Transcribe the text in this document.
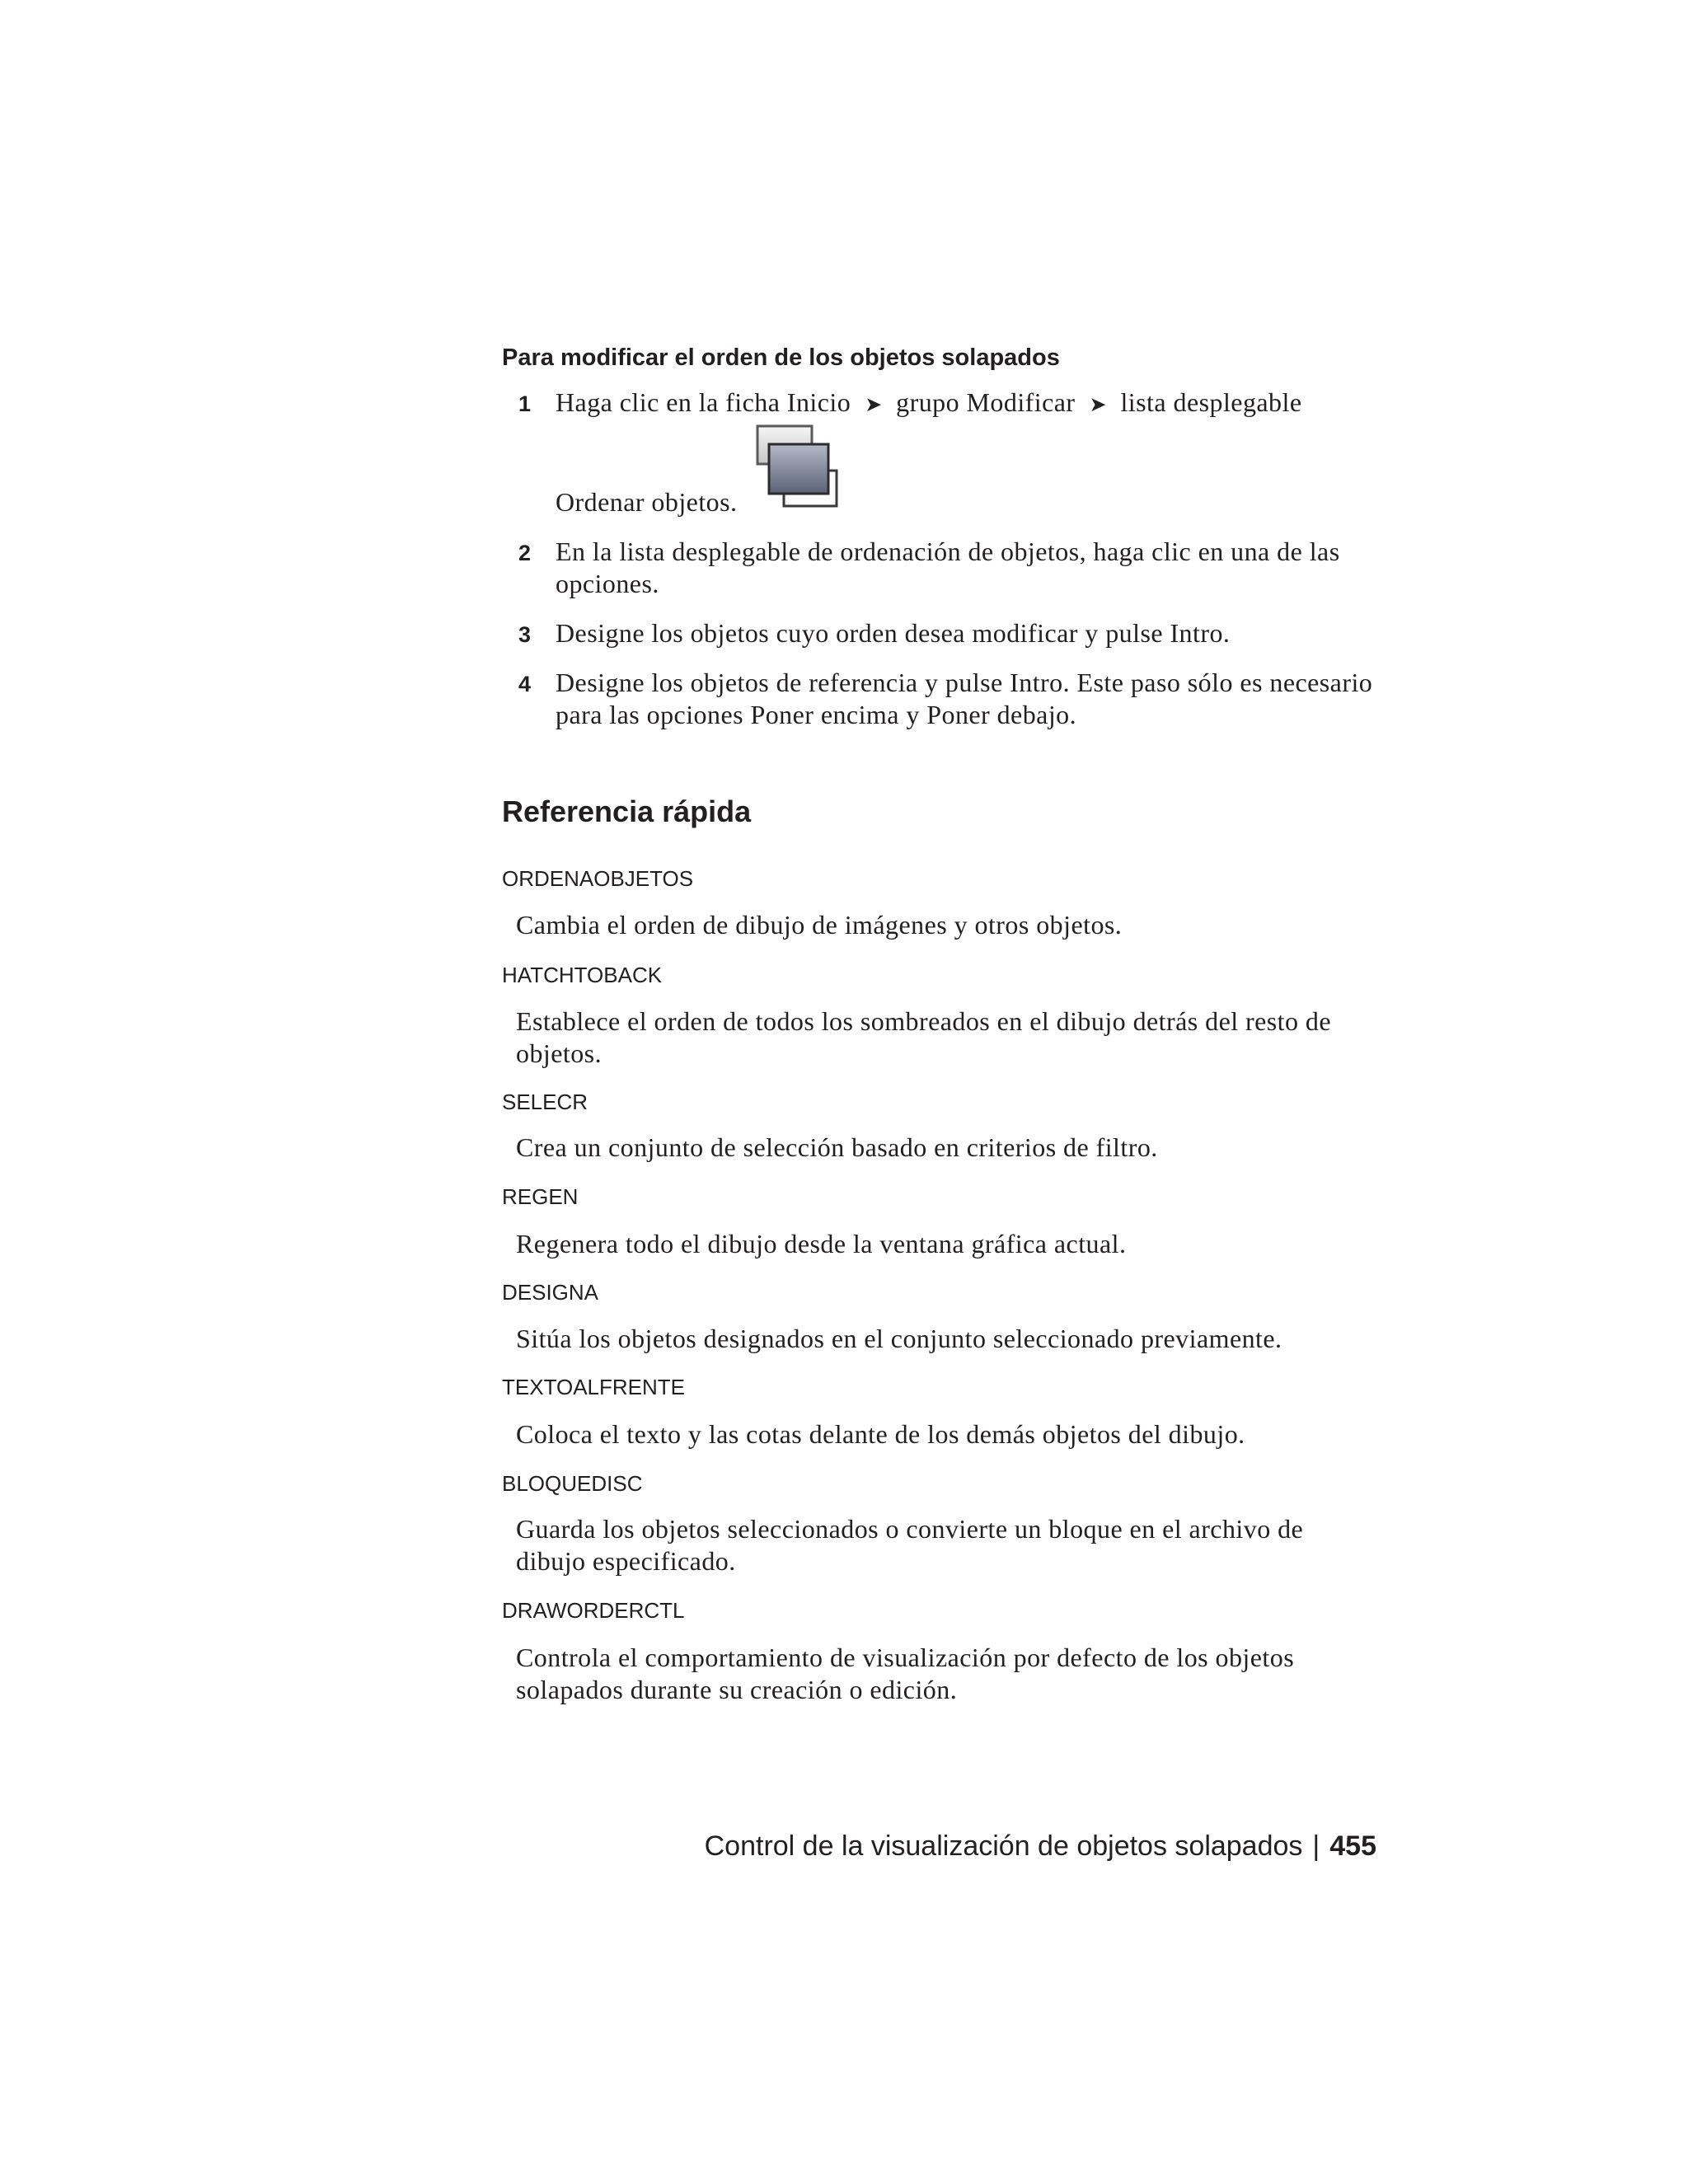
Para modificar el orden de los objetos solapados
1 Haga clic en la ficha Inicio ➤ grupo Modificar ➤ lista desplegable
Ordenar objetos.
2 En la lista desplegable de ordenación de objetos, haga clic en una de las
opciones.
3 Designe los objetos cuyo orden desea modificar y pulse Intro.
4 Designe los objetos de referencia y pulse Intro. Este paso sólo es necesario
para las opciones Poner encima y Poner debajo.
Referencia rápida
ORDENAOBJETOS
Cambia el orden de dibujo de imágenes y otros objetos.
HATCHTOBACK
Establece el orden de todos los sombreados en el dibujo detrás del resto de
objetos.
SELECR
Crea un conjunto de selección basado en criterios de filtro.
REGEN
Regenera todo el dibujo desde la ventana gráfica actual.
DESIGNA
Sitúa los objetos designados en el conjunto seleccionado previamente.
TEXTOALFRENTE
Coloca el texto y las cotas delante de los demás objetos del dibujo.
BLOQUEDISC
Guarda los objetos seleccionados o convierte un bloque en el archivo de
dibujo especificado.
DRAWORDERCTL
Controla el comportamiento de visualización por defecto de los objetos
solapados durante su creación o edición.
Control de la visualización de objetos solapados | 455
